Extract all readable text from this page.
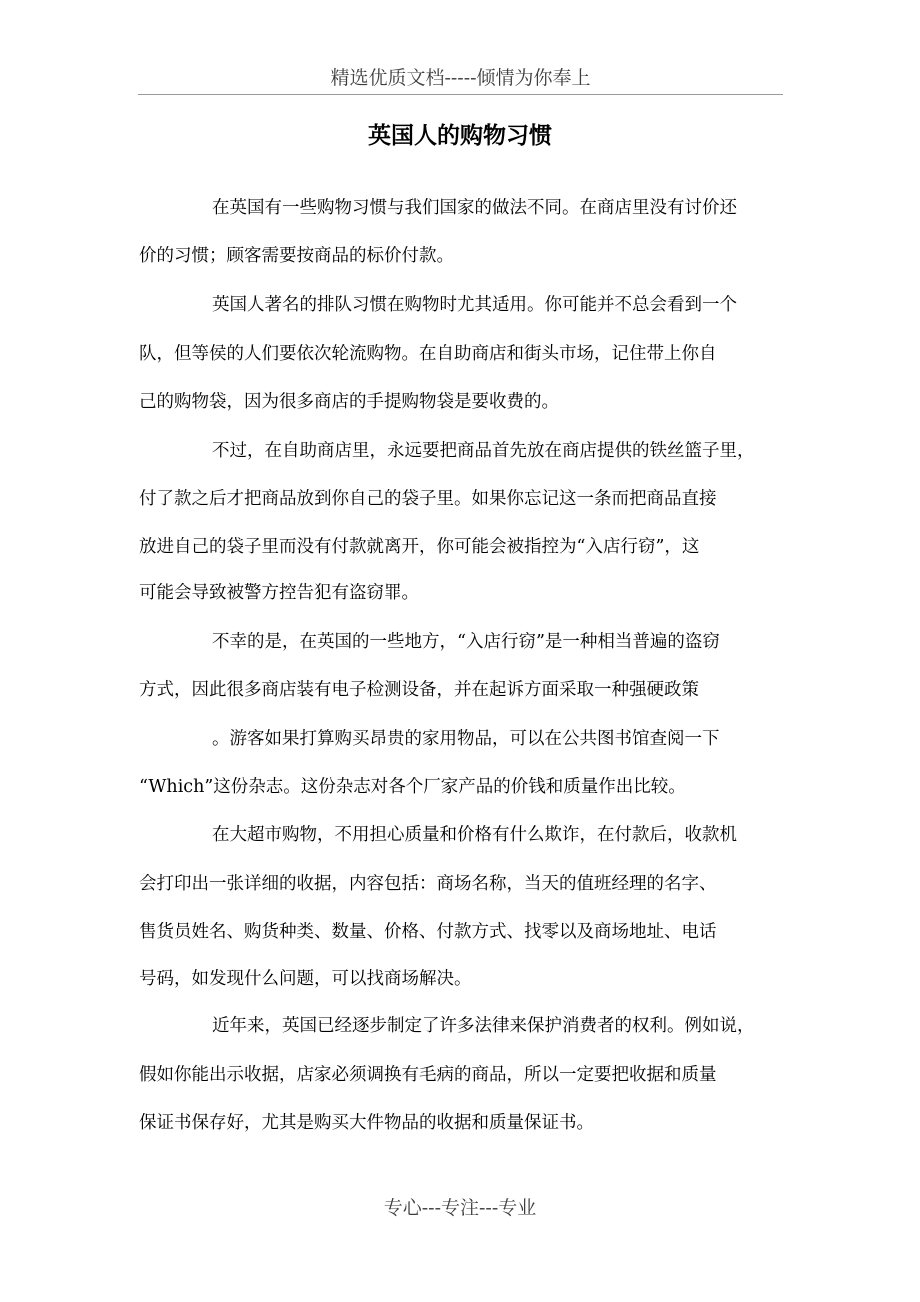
精选优质文档-----倾情为你奉上
英国人的购物习惯
在英国有一些购物习惯与我们国家的做法不同。在商店里没有讨价还
价的习惯；顾客需要按商品的标价付款。
英国人著名的排队习惯在购物时尤其适用。你可能并不总会看到一个
队，但等侯的人们要依次轮流购物。在自助商店和街头市场，记住带上你自
己的购物袋，因为很多商店的手提购物袋是要收费的。
不过，在自助商店里，永远要把商品首先放在商店提供的铁丝篮子里，
付了款之后才把商品放到你自己的袋子里。如果你忘记这一条而把商品直接
放进自己的袋子里而没有付款就离开，你可能会被指控为“入店行窃”，这
可能会导致被警方控告犯有盗窃罪。
不幸的是，在英国的一些地方，“入店行窃”是一种相当普遍的盗窃
方式，因此很多商店装有电子检测设备，并在起诉方面采取一种强硬政策
。游客如果打算购买昂贵的家用物品，可以在公共图书馆查阅一下
“Which”这份杂志。这份杂志对各个厂家产品的价钱和质量作出比较。
在大超市购物，不用担心质量和价格有什么欺诈，在付款后，收款机
会打印出一张详细的收据，内容包括：商场名称，当天的值班经理的名字、
售货员姓名、购货种类、数量、价格、付款方式、找零以及商场地址、电话
号码，如发现什么问题，可以找商场解决。
近年来，英国已经逐步制定了许多法律来保护消费者的权利。例如说，
假如你能出示收据，店家必须调换有毛病的商品，所以一定要把收据和质量
保证书保存好，尤其是购买大件物品的收据和质量保证书。
专心---专注---专业
